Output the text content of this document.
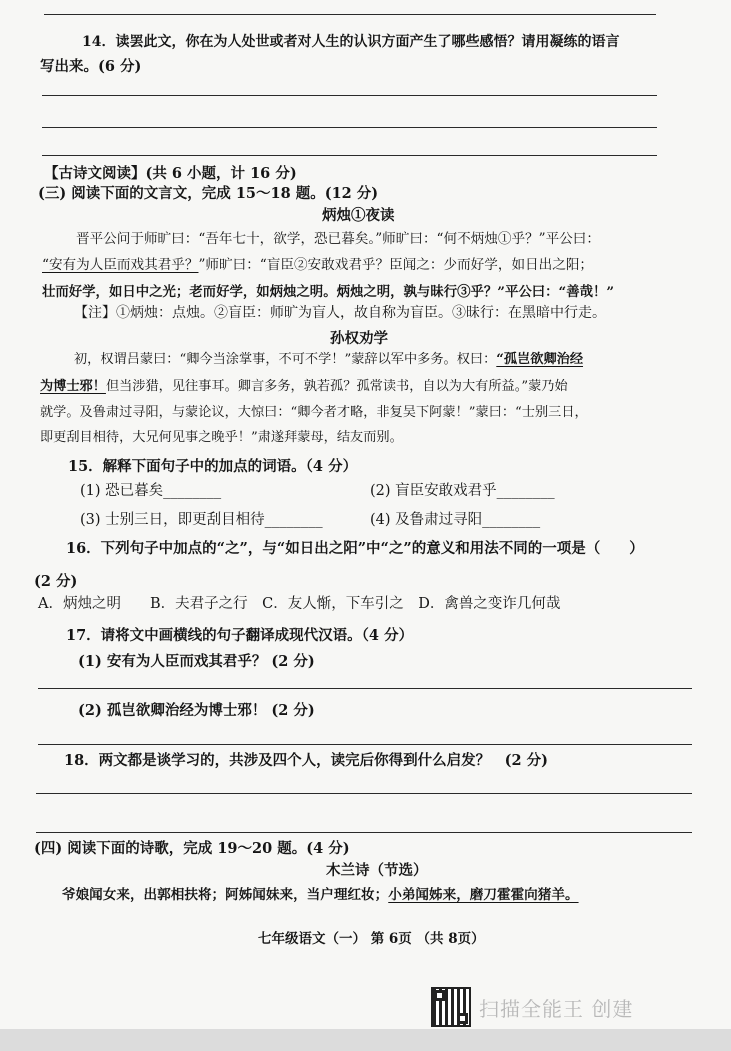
14．读罢此文，你在为人处世或者对人生的认识方面产生了哪些感悟？请用凝练的语言
写出来。(6 分)
【古诗文阅读】(共 6 小题，计 16 分)
(三) 阅读下面的文言文，完成 15～18 题。(12 分)
炳烛①夜读
晋平公问于师旷曰：“吾年七十，欲学，恐已暮矣。”师旷曰：“何不炳烛①乎？”平公曰：
“安有为人臣而戏其君乎？”师旷曰：“盲臣②安敢戏君乎？臣闻之：少而好学，如日出之阳；
壮而好学，如日中之光；老而好学，如炳烛之明。炳烛之明，孰与昧行③乎？”平公曰：“善哉！”
【注】①炳烛：点烛。②盲臣：师旷为盲人，故自称为盲臣。③昧行：在黑暗中行走。
孙权劝学
初，权谓吕蒙曰：“卿今当涂掌事，不可不学！”蒙辞以军中多务。权曰：“孤岂欲卿治经
为博士邪！但当涉猎，见往事耳。卿言多务，孰若孤？孤常读书，自以为大有所益。”蒙乃始
就学。及鲁肃过寻阳，与蒙论议，大惊曰：“卿今者才略，非复吴下阿蒙！”蒙曰：“士别三日，
即更刮目相待，大兄何见事之晚乎！”肃遂拜蒙母，结友而别。
15．解释下面句子中的加点的词语。（4 分）
(1) 恐已暮矣________	(2) 盲臣安敢戏君乎________
(3) 士别三日，即更刮目相待________	(4) 及鲁肃过寻阳________
16．下列句子中加点的“之”，与“如日出之阳”中“之”的意义和用法不同的一项是（　　）
(2 分)
A．炳烛之明　　B．夫君子之行　C．友人惭，下车引之　D．禽兽之变诈几何哉
17．请将文中画横线的句子翻译成现代汉语。（4 分）
(1) 安有为人臣而戏其君乎？ (2 分)
(2) 孤岂欲卿治经为博士邪！ (2 分)
18．两文都是谈学习的，共涉及四个人，读完后你得到什么启发？　(2 分)
(四) 阅读下面的诗歌，完成 19～20 题。(4 分)
木兰诗（节选）
爷娘闻女来，出郭相扶将；阿姊闻妹来，当户理红妆；小弟闻姊来，磨刀霍霍向猪羊。
七年级语文（一） 第 6页 （共 8页）
扫描全能王 创建
